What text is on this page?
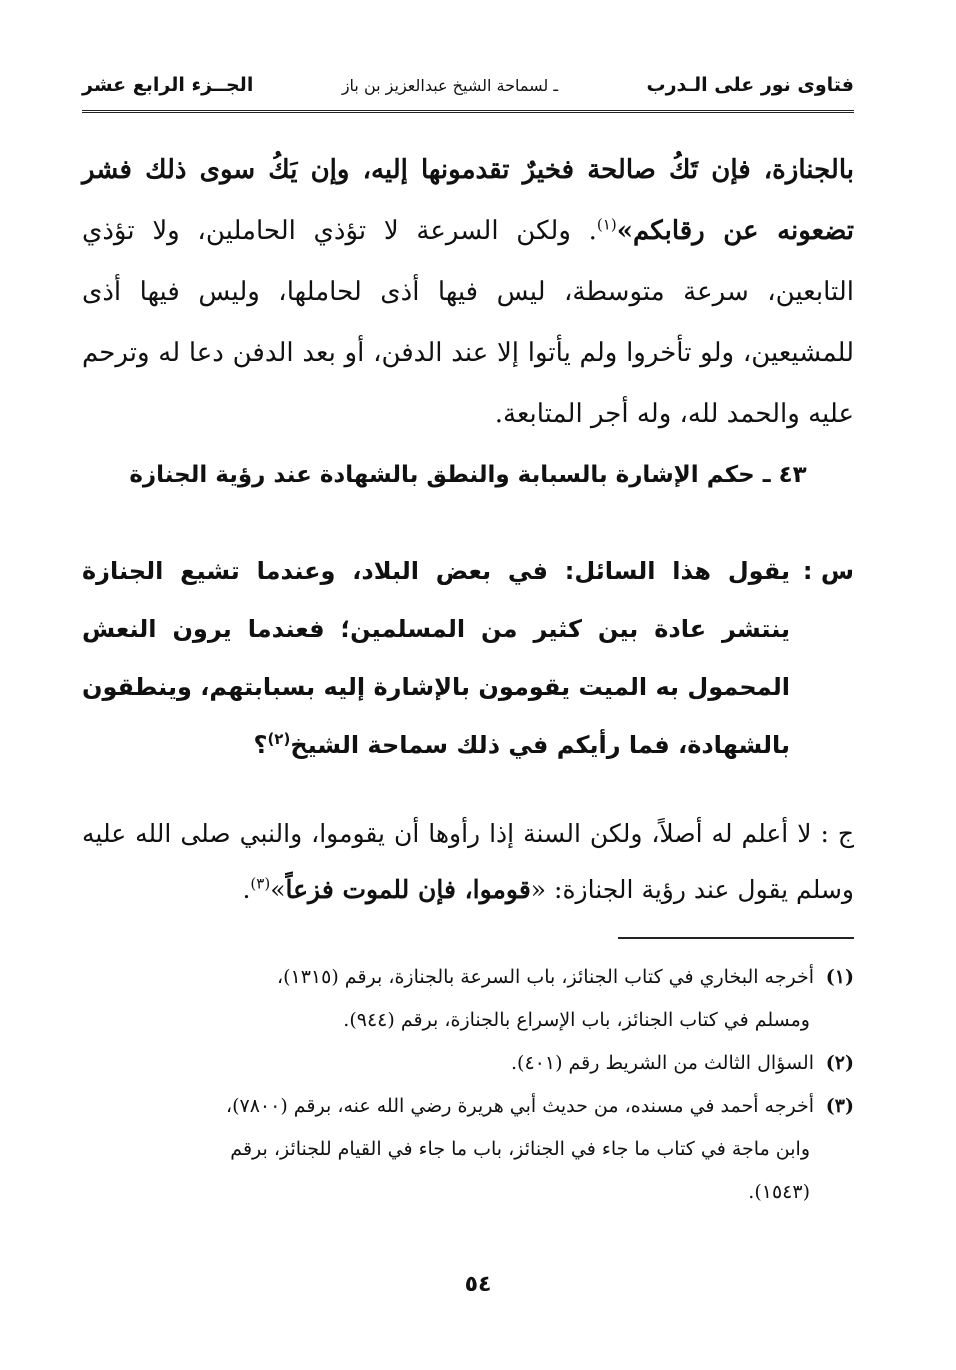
فتاوى نور على الـدرب
ـ لسماحة الشيخ عبدالعزيز بن باز
الجــزء الرابع عشر
بالجنازة، فإن تَكُ صالحة فخيرٌ تقدمونها إليه، وإن يَكُ سوى ذلك فشر تضعونه عن رقابكم»$^{(١)}$. ولكن السرعة لا تؤذي الحاملين، ولا تؤذي التابعين، سرعة متوسطة، ليس فيها أذى لحاملها، وليس فيها أذى للمشيعين، ولو تأخروا ولم يأتوا إلا عند الدفن، أو بعد الدفن دعا له وترحم عليه والحمد لله، وله أجر المتابعة.
٤٣ ـ حكم الإشارة بالسبابة والنطق بالشهادة عند رؤية الجنازة
س :يقول هذا السائل: في بعض البلاد، وعندما تشيع الجنازة ينتشر عادة بين كثير من المسلمين؛ فعندما يرون النعش المحمول به الميت يقومون بالإشارة إليه بسبابتهم، وينطقون بالشهادة، فما رأيكم في ذلك سماحة الشيخ$^{(٢)}$؟
ج : لا أعلم له أصلاً، ولكن السنة إذا رأوها أن يقوموا، والنبي صلى الله عليه وسلم يقول عند رؤية الجنازة: «قوموا، فإن للموت فزعاً»$^{(٣)}$.
(١)أخرجه البخاري في كتاب الجنائز، باب السرعة بالجنازة، برقم (١٣١٥)،
ومسلم في كتاب الجنائز، باب الإسراع بالجنازة، برقم (٩٤٤).
(٢)السؤال الثالث من الشريط رقم (٤٠١).
(٣)أخرجه أحمد في مسنده، من حديث أبي هريرة رضي الله عنه، برقم (٧٨٠٠)،
وابن ماجة في كتاب ما جاء في الجنائز، باب ما جاء في القيام للجنائز، برقم
(١٥٤٣).
٥٤
